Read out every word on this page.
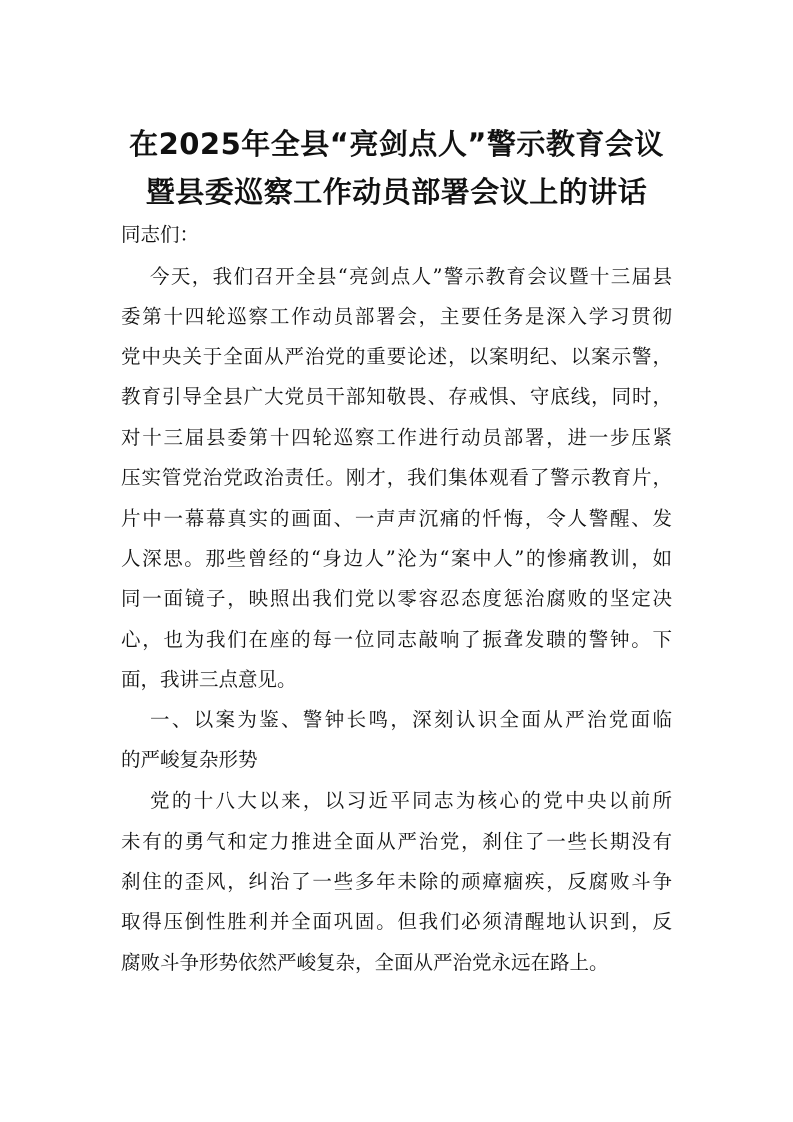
在2025年全县“亮剑点人”警示教育会议
暨县委巡察工作动员部署会议上的讲话
同志们：
今天，我们召开全县“亮剑点人”警示教育会议暨十三届县
委第十四轮巡察工作动员部署会，主要任务是深入学习贯彻
党中央关于全面从严治党的重要论述，以案明纪、以案示警，
教育引导全县广大党员干部知敬畏、存戒惧、守底线，同时，
对十三届县委第十四轮巡察工作进行动员部署，进一步压紧
压实管党治党政治责任。刚才，我们集体观看了警示教育片，
片中一幕幕真实的画面、一声声沉痛的忏悔，令人警醒、发
人深思。那些曾经的“身边人”沦为“案中人”的惨痛教训，如
同一面镜子，映照出我们党以零容忍态度惩治腐败的坚定决
心，也为我们在座的每一位同志敲响了振聋发聩的警钟。下
面，我讲三点意见。
一、以案为鉴、警钟长鸣，深刻认识全面从严治党面临
的严峻复杂形势
党的十八大以来，以习近平同志为核心的党中央以前所
未有的勇气和定力推进全面从严治党，刹住了一些长期没有
刹住的歪风，纠治了一些多年未除的顽瘴痼疾，反腐败斗争
取得压倒性胜利并全面巩固。但我们必须清醒地认识到，反
腐败斗争形势依然严峻复杂，全面从严治党永远在路上。
